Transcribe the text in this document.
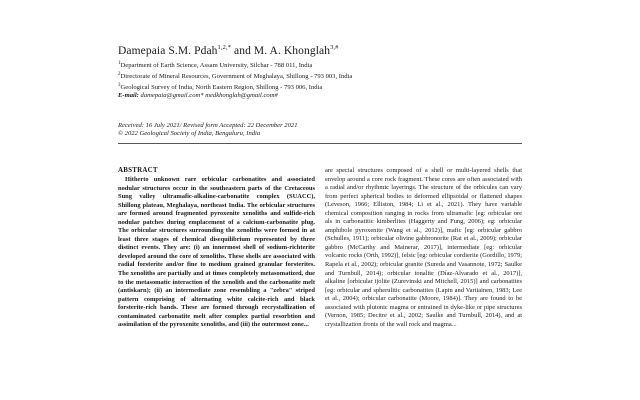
Damepaia S.M. Pdah$^{1,2,*}$ and M. A. Khonglah$^{3,\#}$
$^1$Department of Earth Science, Assam University, Silchar - 788 011, India
$^2$Directorate of Mineral Resources, Government of Meghalaya, Shillong - 793 003, India
$^3$Geological Survey of India, North Eastern Region, Shillong - 793 006, India
E-mail: damepaia@gmail.com* medkhonglah@gmail.com#
Received: 16 July 2021/ Revised form Accepted: 22 December 2021
© 2022 Geological Society of India, Bengaluru, India
ABSTRACT

Hitherto unknown rare orbicular carbonatites and associated nodular structures occur in the southeastern parts of the Cretaceous Sung valley ultramafic-alkaline-carbonatite complex (SUACC), Shillong plateau, Meghalaya, northeast India. The orbicular structures are formed around fragmented pyroxenite xenoliths and sulfide-rich nodular patches during emplacement of a calcium-carbonatite plug. The orbicular structures surrounding the xenoliths were formed in at least three stages of chemical disequilibrium represented by three distinct events. They are: (i) an innermost shell of sodium-richterite developed around the core of xenoliths. These shells are associated with radial forsterite and/or fine to medium grained granular forsterites. The xenoliths are partially and at times completely metasomatized, due to the metasomatic interaction of the xenolith and the carbonatite melt (antiskarn); (ii) an intermediate zone resembling a "zebra" striped pattern comprising of alternating white calcite-rich and black forsterite-rich bands. These are formed through recrystallization of contaminated carbonatite melt after complex partial resorbtion and assimilation of the pyroxenite xenoliths, and (iii) the outermost zone...

are special structures composed of a shell or multi-layered shells that envelop around a core rock fragment. These cores are often associated with a radial and/or rhythmic layerings. The structure of the orbicules can vary from perfect spherical bodies to deformed ellipsoidal or flattened shapes (Leveson, 1966; Elliston, 1984; Li et al., 2021). They have variable chemical composition ranging in rocks from ultramafic [eg: orbicular ore als in carbonatitic kimberlites (Haggerty and Fung, 2006); eg: orbicular amphibole pyroxenite (Wang et al., 2012)], mafic [eg: orbicular gabbro (Schulles, 1911); orbicular olivine gabbronorite (Rai et al., 2009); orbicular gabbro (McCarthy and Mainerar, 2017)], intermediate [eg: orbicular volcanic rocks (Orth, 1992)], felsic [eg: orbicular cordierite (Gordillo, 1979; Rapela et al., 2002); orbicular granite (Sureda and Vasannote, 1972; Saulke and Turnbull, 2014); orbicular tonalite (Díaz-Alvarado et al., 2017)], alkaline [orbicular ijolite (Zurevinski and Mitchell, 2015)] and carbonatites [eg: orbicular and spherulitic carbonatites (Lapin and Vartiainen, 1983; Lee et al., 2004); orbicular carbonatite (Moore, 1984)]. They are found to be associated with plutonic magma or entrained in dyke-like or pipe structures (Vernon, 1985; Decitre et al., 2002; Saulke and Turnbull, 2014), and at crystallization fronts of the wall rock and magma...
